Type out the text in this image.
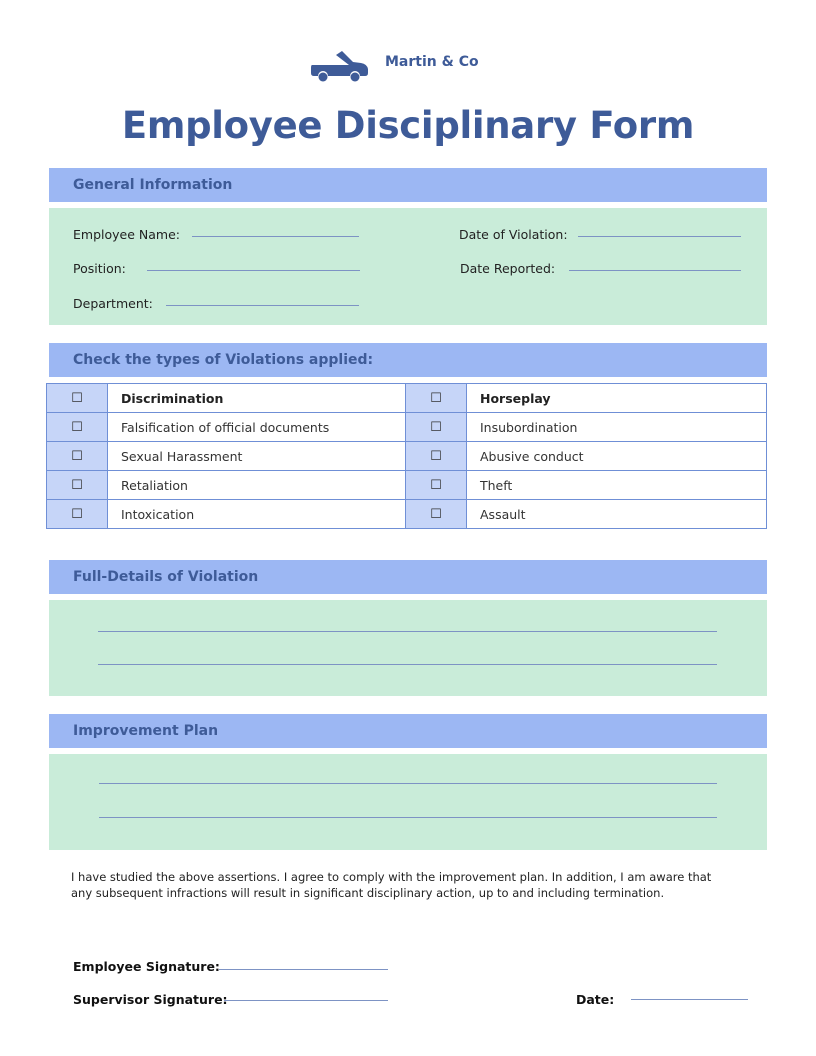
Martin & Co
Employee Disciplinary Form
General Information
Employee Name:	Date of Violation:
Position:	Date Reported:
Department:
Check the types of Violations applied:
☐	Discrimination	☐	Horseplay
☐	Falsification of official documents	☐	Insubordination
☐	Sexual Harassment	☐	Abusive conduct
☐	Retaliation	☐	Theft
☐	Intoxication	☐	Assault
Full-Details of Violation
Improvement Plan
I have studied the above assertions. I agree to comply with the improvement plan. In addition, I am aware that any subsequent infractions will result in significant disciplinary action, up to and including termination.
Employee Signature:
Supervisor Signature:	Date:
